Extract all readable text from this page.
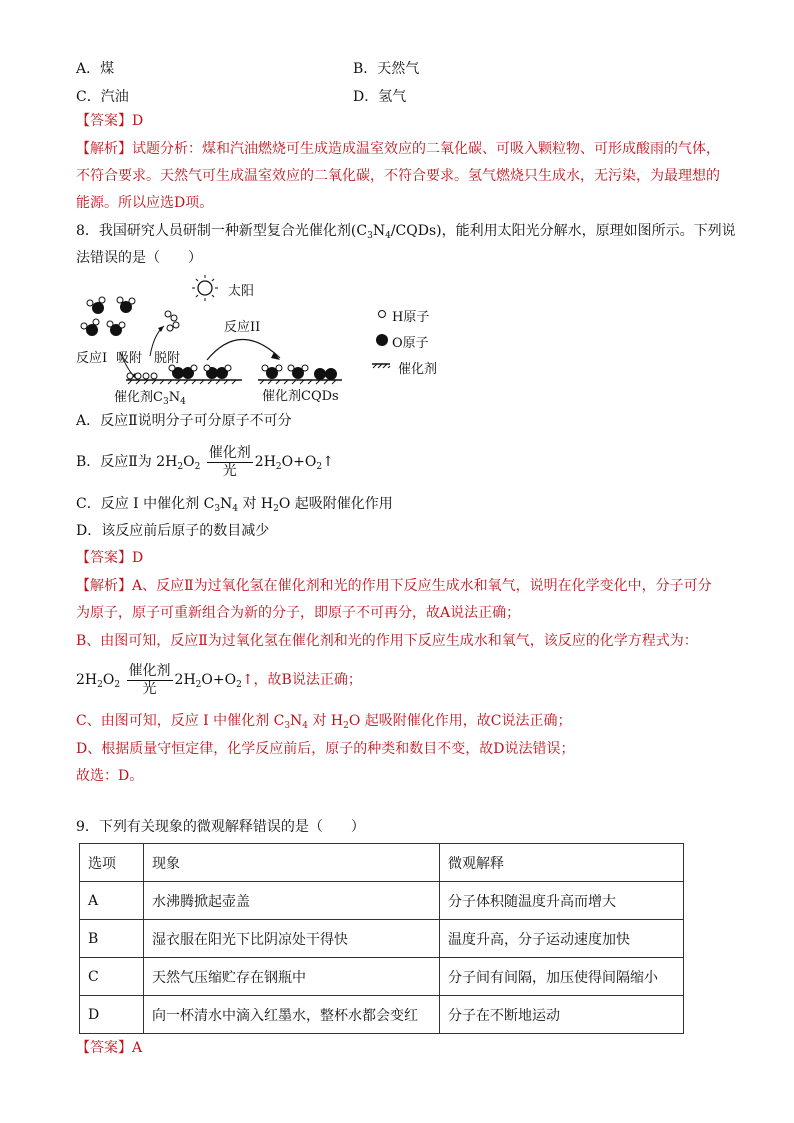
A．煤	B．天然气
C．汽油	D．氢气
【答案】D
【解析】试题分析：煤和汽油燃烧可生成造成温室效应的二氧化碳、可吸入颗粒物、可形成酸雨的气体，
不符合要求。天然气可生成温室效应的二氧化碳，不符合要求。氢气燃烧只生成水，无污染，为最理想的
能源。所以应选D项。
8．我国研究人员研制一种新型复合光催化剂$(C_3N_4/CQDs)$，能利用太阳光分解水，原理如图所示。下列说
法错误的是（　　）
太阳
反应II
反应I 吸附 脱附
催化剂$C_3N_4$	催化剂CQDs
H原子
O原子
催化剂
A．反应Ⅱ说明分子可分原子不可分
B．反应Ⅱ为 $2H_2O_2 \frac{\text{催化剂}}{\text{光}}$ $2H_2O+O_2↑$
C．反应 I 中催化剂 $C_3N_4$ 对 $H_2O$ 起吸附催化作用
D．该反应前后原子的数目减少
【答案】D
【解析】A、反应Ⅱ为过氧化氢在催化剂和光的作用下反应生成水和氧气，说明在化学变化中，分子可分
为原子，原子可重新组合为新的分子，即原子不可再分，故A说法正确；
B、由图可知，反应Ⅱ为过氧化氢在催化剂和光的作用下反应生成水和氧气，该反应的化学方程式为：
$2H_2O_2 \frac{\text{催化剂}}{\text{光}}$ $2H_2O+O_2↑$，故B说法正确；
C、由图可知，反应 I 中催化剂 $C_3N_4$ 对 $H_2O$ 起吸附催化作用，故C说法正确；
D、根据质量守恒定律，化学反应前后，原子的种类和数目不变，故D说法错误；
故选：D。
9．下列有关现象的微观解释错误的是（　　）
选项	现象	微观解释
A	水沸腾掀起壶盖	分子体积随温度升高而增大
B	湿衣服在阳光下比阴凉处干得快	温度升高，分子运动速度加快
C	天然气压缩贮存在钢瓶中	分子间有间隔，加压使得间隔缩小
D	向一杯清水中滴入红墨水，整杯水都会变红	分子在不断地运动
【答案】A
